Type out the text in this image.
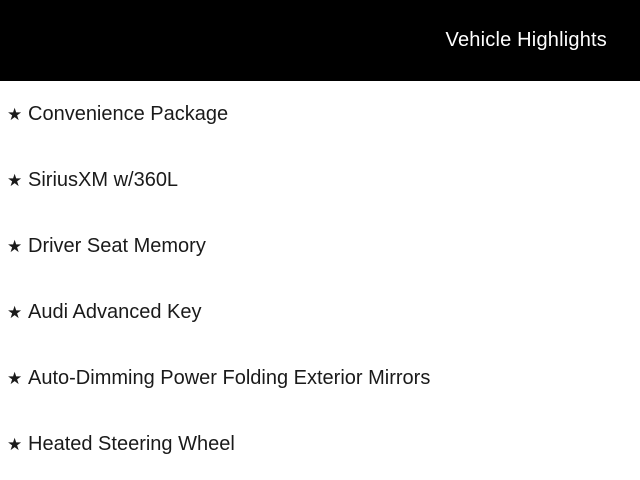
Vehicle Highlights
★ Convenience Package
★ SiriusXM w/360L
★ Driver Seat Memory
★ Audi Advanced Key
★ Auto-Dimming Power Folding Exterior Mirrors
★ Heated Steering Wheel
